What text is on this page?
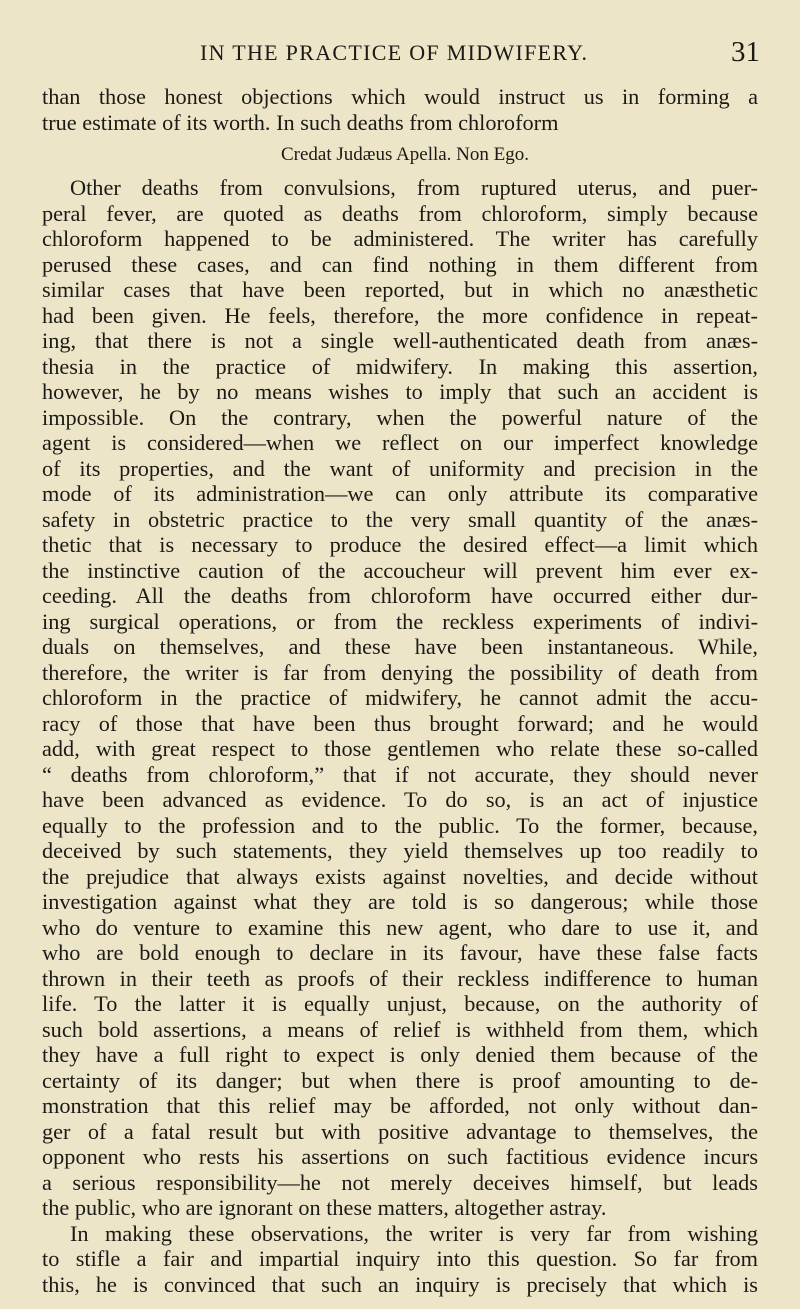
IN THE PRACTICE OF MIDWIFERY.	31
than those honest objections which would instruct us in forming a
true estimate of its worth. In such deaths from chloroform
Credat Judæus Apella. Non Ego.
Other deaths from convulsions, from ruptured uterus, and puer-
peral fever, are quoted as deaths from chloroform, simply because
chloroform happened to be administered. The writer has carefully
perused these cases, and can find nothing in them different from
similar cases that have been reported, but in which no anæsthetic
had been given. He feels, therefore, the more confidence in repeat-
ing, that there is not a single well-authenticated death from anæs-
thesia in the practice of midwifery. In making this assertion,
however, he by no means wishes to imply that such an accident is
impossible. On the contrary, when the powerful nature of the
agent is considered—when we reflect on our imperfect knowledge
of its properties, and the want of uniformity and precision in the
mode of its administration—we can only attribute its comparative
safety in obstetric practice to the very small quantity of the anæs-
thetic that is necessary to produce the desired effect—a limit which
the instinctive caution of the accoucheur will prevent him ever ex-
ceeding. All the deaths from chloroform have occurred either dur-
ing surgical operations, or from the reckless experiments of indivi-
duals on themselves, and these have been instantaneous. While,
therefore, the writer is far from denying the possibility of death from
chloroform in the practice of midwifery, he cannot admit the accu-
racy of those that have been thus brought forward; and he would
add, with great respect to those gentlemen who relate these so-called
“ deaths from chloroform,” that if not accurate, they should never
have been advanced as evidence. To do so, is an act of injustice
equally to the profession and to the public. To the former, because,
deceived by such statements, they yield themselves up too readily to
the prejudice that always exists against novelties, and decide without
investigation against what they are told is so dangerous; while those
who do venture to examine this new agent, who dare to use it, and
who are bold enough to declare in its favour, have these false facts
thrown in their teeth as proofs of their reckless indifference to human
life. To the latter it is equally unjust, because, on the authority of
such bold assertions, a means of relief is withheld from them, which
they have a full right to expect is only denied them because of the
certainty of its danger; but when there is proof amounting to de-
monstration that this relief may be afforded, not only without dan-
ger of a fatal result but with positive advantage to themselves, the
opponent who rests his assertions on such factitious evidence incurs
a serious responsibility—he not merely deceives himself, but leads
the public, who are ignorant on these matters, altogether astray.
In making these observations, the writer is very far from wishing
to stifle a fair and impartial inquiry into this question. So far from
this, he is convinced that such an inquiry is precisely that which is
